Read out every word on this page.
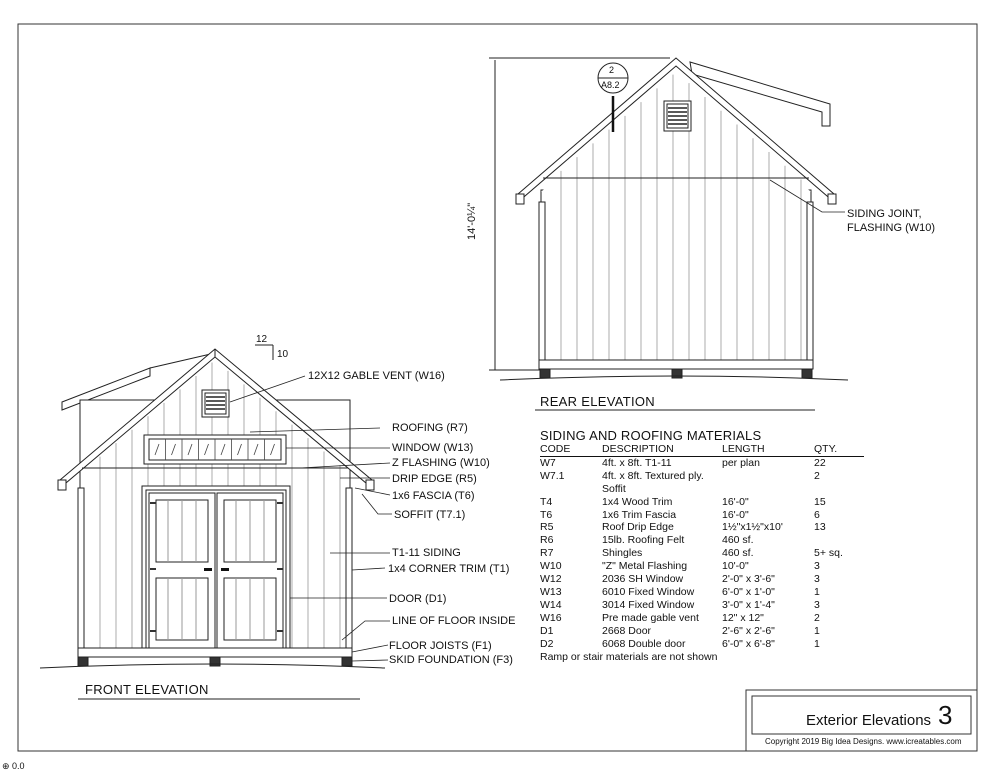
12
10
12X12 GABLE VENT (W16)
ROOFING (R7)
WINDOW (W13)
Z FLASHING (W10)
DRIP EDGE (R5)
1x6 FASCIA (T6)
SOFFIT (T7.1)
T1-11 SIDING
1x4 CORNER TRIM (T1)
DOOR (D1)
LINE OF FLOOR INSIDE
FLOOR JOISTS (F1)
SKID FOUNDATION (F3)
FRONT ELEVATION
REAR ELEVATION
SIDING JOINT,
FLASHING (W10)
14'-0¼"
2
A8.2
SIDING AND ROOFING MATERIALS
CODE	DESCRIPTION	LENGTH	QTY.
W7	4ft. x 8ft. T1-11	per plan	22
W7.1	4ft. x 8ft. Textured ply. Soffit		2
T4	1x4 Wood Trim	16'-0"	15
T6	1x6 Trim Fascia	16'-0"	6
R5	Roof Drip Edge	1½"x1½"x10'	13
R6	15lb. Roofing Felt	460 sf.	
R7	Shingles	460 sf.	5+ sq.
W10	"Z" Metal Flashing	10'-0"	3
W12	2036 SH Window	2'-0" x 3'-6"	3
W13	6010 Fixed Window	6'-0" x 1'-0"	1
W14	3014 Fixed Window	3'-0" x 1'-4"	3
W16	Pre made gable vent	12" x 12"	2
D1	2668 Door	2'-6" x 2'-6"	1
D2	6068 Double door	6'-0" x 6'-8"	1
Ramp or stair materials are not shown
Exterior Elevations 3
Copyright 2019 Big Idea Designs. www.icreatables.com
⊕ 0.0
